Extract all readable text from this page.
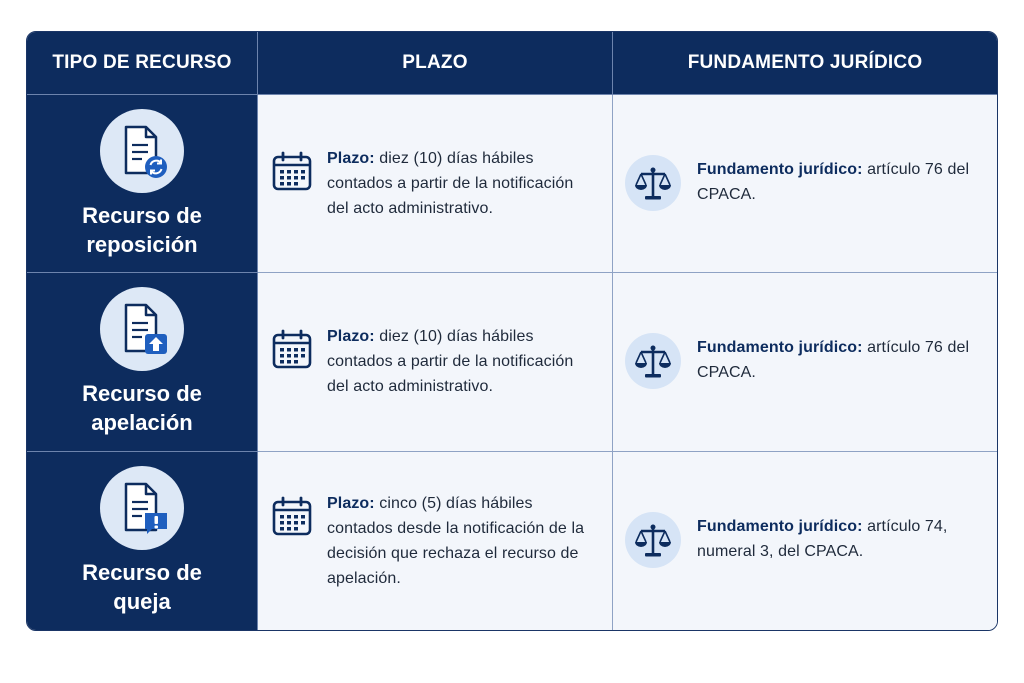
TIPO DE RECURSO	PLAZO	FUNDAMENTO JURÍDICO
Recurso de reposición
Plazo: diez (10) días hábiles contados a partir de la notificación del acto administrativo.
Fundamento jurídico: artículo 76 del CPACA.
Recurso de apelación
Plazo: diez (10) días hábiles contados a partir de la notificación del acto administrativo.
Fundamento jurídico: artículo 76 del CPACA.
Recurso de queja
Plazo: cinco (5) días hábiles contados desde la notificación de la decisión que rechaza el recurso de apelación.
Fundamento jurídico: artículo 74, numeral 3, del CPACA.
